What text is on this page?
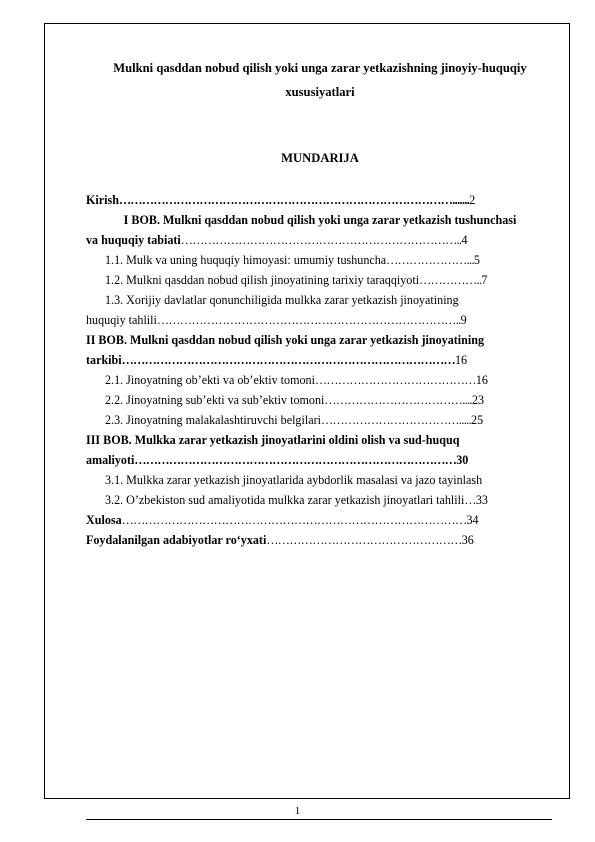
Mulkni qasddan nobud qilish yoki unga zarar yetkazishning jinoyiy-huquqiy xususiyatlari
MUNDARIJA
Kirish…………………………………………………………………………….......2
I BOB. Mulkni qasddan nobud qilish yoki unga zarar yetkazish tushunchasi
va huquqiy tabiati………………………………………………………………..4
1.1. Mulk va uning huquqiy himoyasi: umumiy tushuncha…………………...5
1.2. Mulkni qasddan nobud qilish jinoyatining tarixiy taraqqiyoti……………..7
1.3. Xorijiy davlatlar qonunchiligida mulkka zarar yetkazish jinoyatining
huquqiy tahlili……………………………………………………………………..9
II BOB. Mulkni qasddan nobud qilish yoki unga zarar yetkazish jinoyatining
tarkibi……………………………………………………………………………16
2.1. Jinoyatning ob’ekti va ob’ektiv tomoni……………………………………16
2.2. Jinoyatning sub’ekti va sub’ektiv tomoni………………………………....23
2.3. Jinoyatning malakalashtiruvchi belgilari……………………………….....25
III BOB. Mulkka zarar yetkazish jinoyatlarini oldini olish va sud-huquq
amaliyoti…………………………………………………………………………30
3.1. Mulkka zarar yetkazish jinoyatlarida aybdorlik masalasi va jazo tayinlash
3.2. O’zbekiston sud amaliyotida mulkka zarar yetkazish jinoyatlari tahlili…33
Xulosa………………………………………………………………………………34
Foydalanilgan adabiyotlar ro‘yxati……………………………………………36
1
